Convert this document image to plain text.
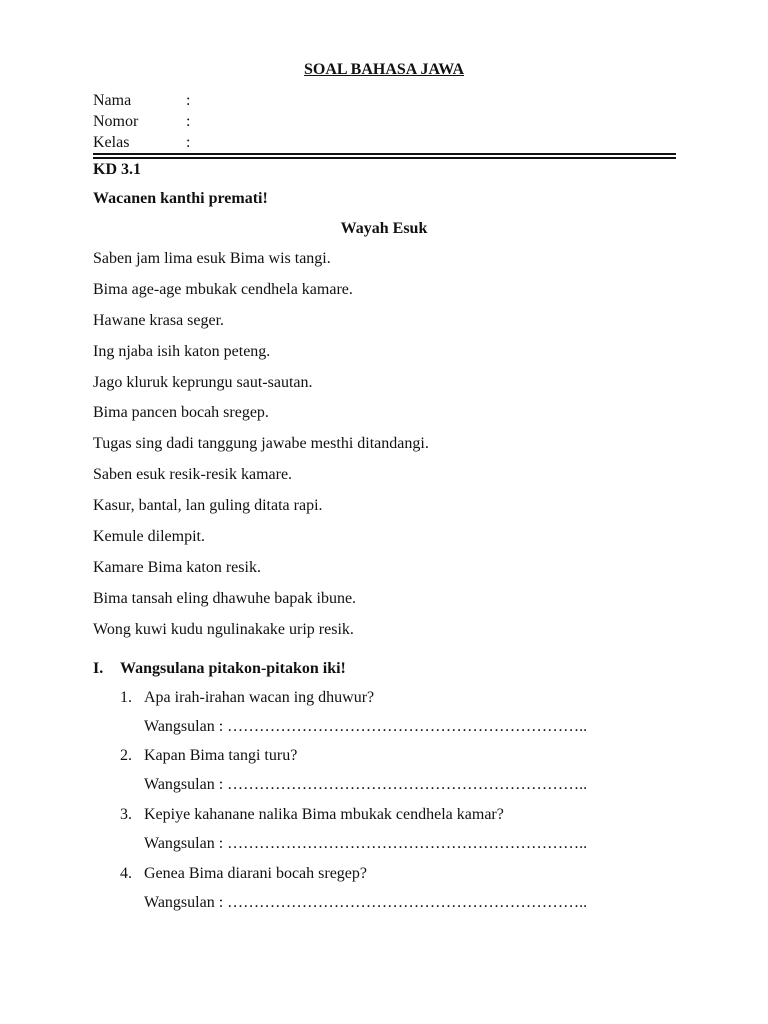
SOAL BAHASA JAWA
Nama	:
Nomor	:
Kelas	:
KD 3.1
Wacanen kanthi premati!
Wayah Esuk
Saben jam lima esuk Bima wis tangi.
Bima age-age mbukak cendhela kamare.
Hawane krasa seger.
Ing njaba isih katon peteng.
Jago kluruk keprungu saut-sautan.
Bima pancen bocah sregep.
Tugas sing dadi tanggung jawabe mesthi ditandangi.
Saben esuk resik-resik kamare.
Kasur, bantal, lan guling ditata rapi.
Kemule dilempit.
Kamare Bima katon resik.
Bima tansah eling dhawuhe bapak ibune.
Wong kuwi kudu ngulinakake urip resik.
I. Wangsulana pitakon-pitakon iki!
1. Apa irah-irahan wacan ing dhuwur?
Wangsulan : …………………………………………………………..
2. Kapan Bima tangi turu?
Wangsulan : …………………………………………………………..
3. Kepiye kahanane nalika Bima mbukak cendhela kamar?
Wangsulan : …………………………………………………………..
4. Genea Bima diarani bocah sregep?
Wangsulan : …………………………………………………………..
